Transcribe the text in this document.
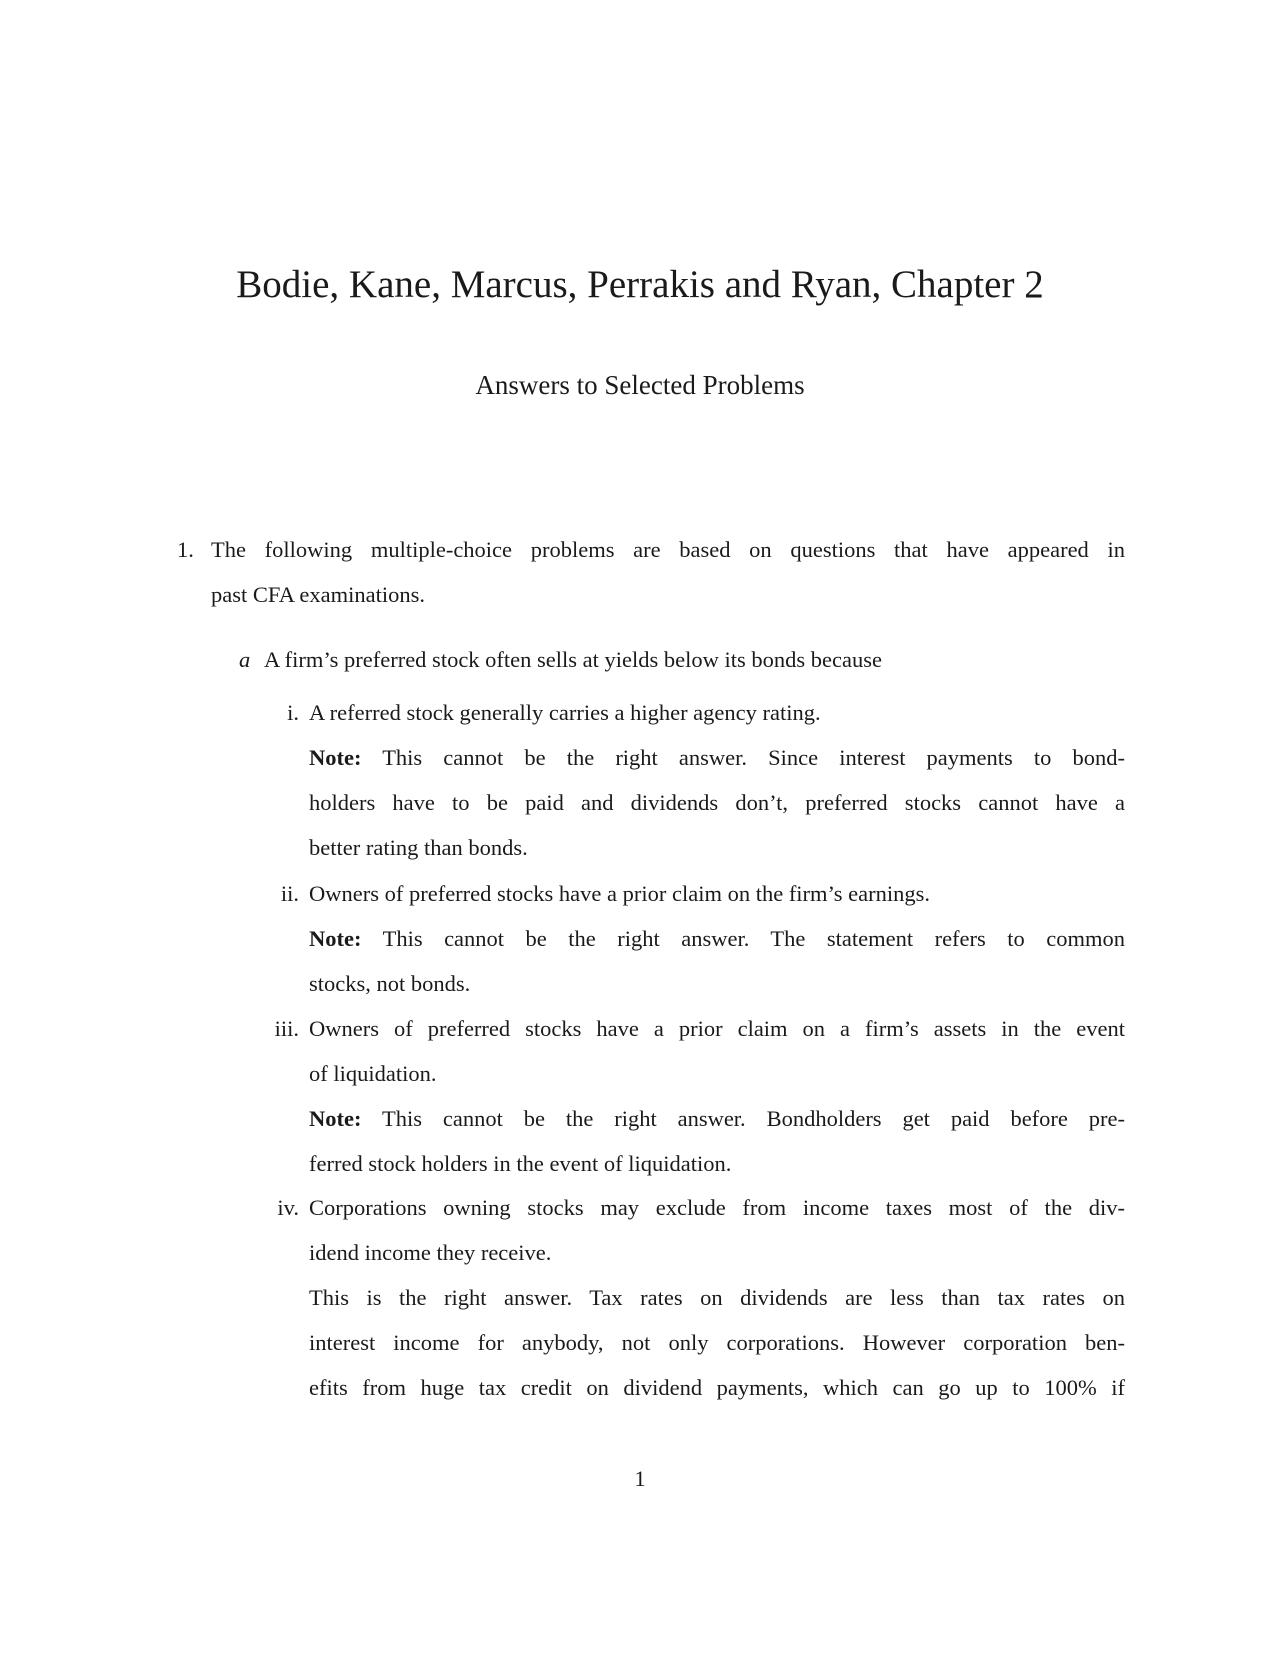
Bodie, Kane, Marcus, Perrakis and Ryan, Chapter 2
Answers to Selected Problems
1. The following multiple-choice problems are based on questions that have appeared in
past CFA examinations.
a A firm’s preferred stock often sells at yields below its bonds because
i. A referred stock generally carries a higher agency rating.
Note: This cannot be the right answer. Since interest payments to bond-
holders have to be paid and dividends don’t, preferred stocks cannot have a
better rating than bonds.
ii. Owners of preferred stocks have a prior claim on the firm’s earnings.
Note: This cannot be the right answer. The statement refers to common
stocks, not bonds.
iii. Owners of preferred stocks have a prior claim on a firm’s assets in the event
of liquidation.
Note: This cannot be the right answer. Bondholders get paid before pre-
ferred stock holders in the event of liquidation.
iv. Corporations owning stocks may exclude from income taxes most of the div-
idend income they receive.
This is the right answer. Tax rates on dividends are less than tax rates on
interest income for anybody, not only corporations. However corporation ben-
efits from huge tax credit on dividend payments, which can go up to 100% if
1
